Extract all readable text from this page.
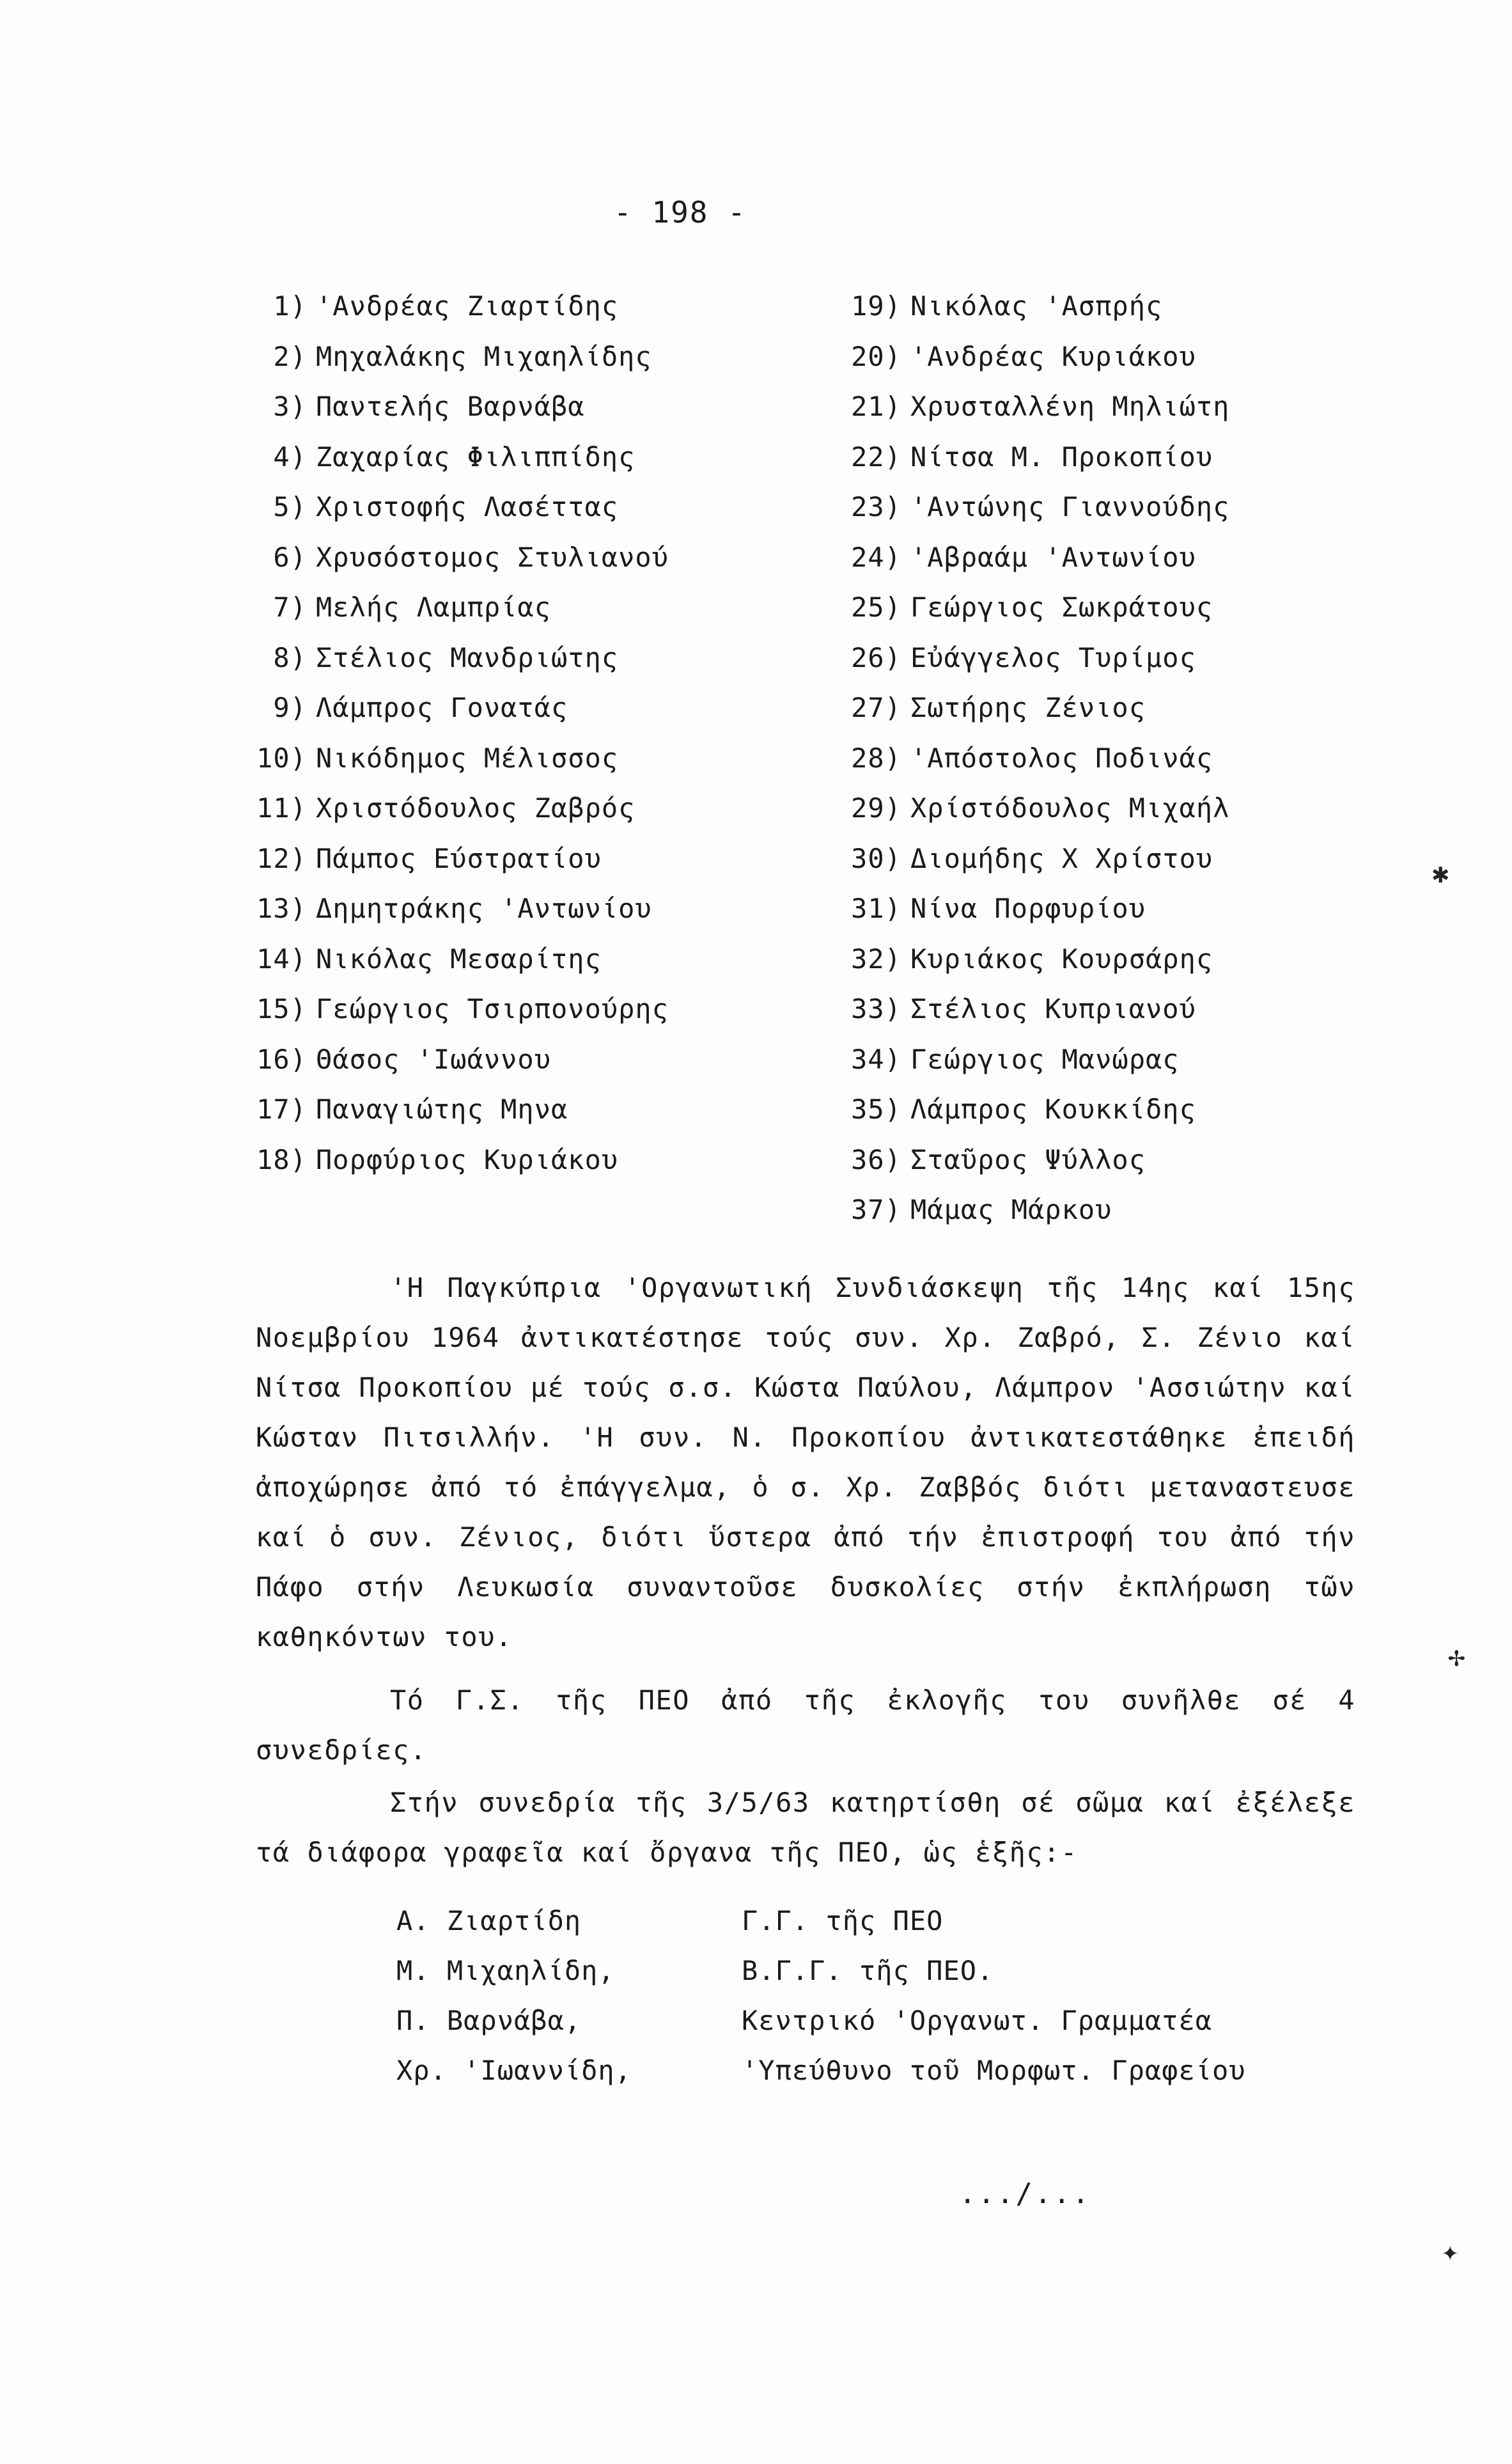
- 198 -
1) 'Ανδρέας Ζιαρτίδης
2) Μηχαλάκης Μιχαηλίδης
3) Παντελής Βαρνάβα
4) Ζαχαρίας Φιλιππίδης
5) Χριστοφής Λασέττας
6) Χρυσόστομος Στυλιανού
7) Μελής Λαμπρίας
8) Στέλιος Μανδριώτης
9) Λάμπρος Γονατάς
10) Νικόδημος Μέλισσος
11) Χριστόδουλος Ζαβρός
12) Πάμπος Εύστρατίου
13) Δημητράκης 'Αντωνίου
14) Νικόλας Μεσαρίτης
15) Γεώργιος Τσιρπονούρης
16) Θάσος 'Ιωάννου
17) Παναγιώτης Μηνα
18) Πορφύριος Κυριάκου
19) Νικόλας 'Ασπρής
20) 'Ανδρέας Κυριάκου
21) Χρυσταλλένη Μηλιώτη
22) Νίτσα Μ. Προκοπίου
23) 'Αντώνης Γιαννούδης
24) 'Αβραάμ 'Αντωνίου
25) Γεώργιος Σωκράτους
26) Εὐάγγελος Τυρίμος
27) Σωτήρης Ζένιος
28) 'Απόστολος Ποδινάς
29) Χρίστόδουλος Μιχαήλ
30) Διομήδης Χ Χρίστου
31) Νίνα Πορφυρίου
32) Κυριάκος Κουρσάρης
33) Στέλιος Κυπριανού
34) Γεώργιος Μανώρας
35) Λάμπρος Κουκκίδης
36) Σταῦρος Ψύλλος
37) Μάμας Μάρκου
'Η Παγκύπρια 'Οργανωτική Συνδιάσκεψη τῆς 14ης καί 15ης Νοεμβρίου 1964 ἀντικατέστησε τούς συν. Χρ. Ζαβρό, Σ. Ζένιο καί Νίτσα Προκοπίου μέ τούς σ.σ. Κώστα Παύλου, Λάμπρον 'Ασσιώτην καί Κώσταν Πιτσιλλήν. 'Η συν. Ν. Προκοπίου ἀντικατεστάθηκε ἐπειδή ἀποχώρησε ἀπό τό ἐπάγγελμα, ὁ σ. Χρ. Ζαββός διότι μεταναστευσε καί ὁ συν. Ζένιος, διότι ὕστερα ἀπό τήν ἐπιστροφή του ἀπό τήν Πάφο στήν Λευκωσία συναντοῦσε δυσκολίες στήν ἐκπλήρωση τῶν καθηκόντων του.
Τό Γ.Σ. τῆς ΠΕΟ ἀπό τῆς ἐκλογῆς του συνῆλθε σέ 4 συνεδρίες.
Στήν συνεδρία τῆς 3/5/63 κατηρτίσθη σέ σῶμα καί ἐξέλεξε τά διάφορα γραφεῖα καί ὄργανα τῆς ΠΕΟ, ὡς ἑξῆς:-
Α. Ζιαρτίδη	Γ.Γ. τῆς ΠΕΟ
Μ. Μιχαηλίδη,	Β.Γ.Γ. τῆς ΠΕΟ.
Π. Βαρνάβα,	Κεντρικό 'Οργανωτ. Γραμματέα
Χρ. 'Ιωαννίδη,	'Υπεύθυνο τοῦ Μορφωτ. Γραφείου
.../...
✱
✢
✦
